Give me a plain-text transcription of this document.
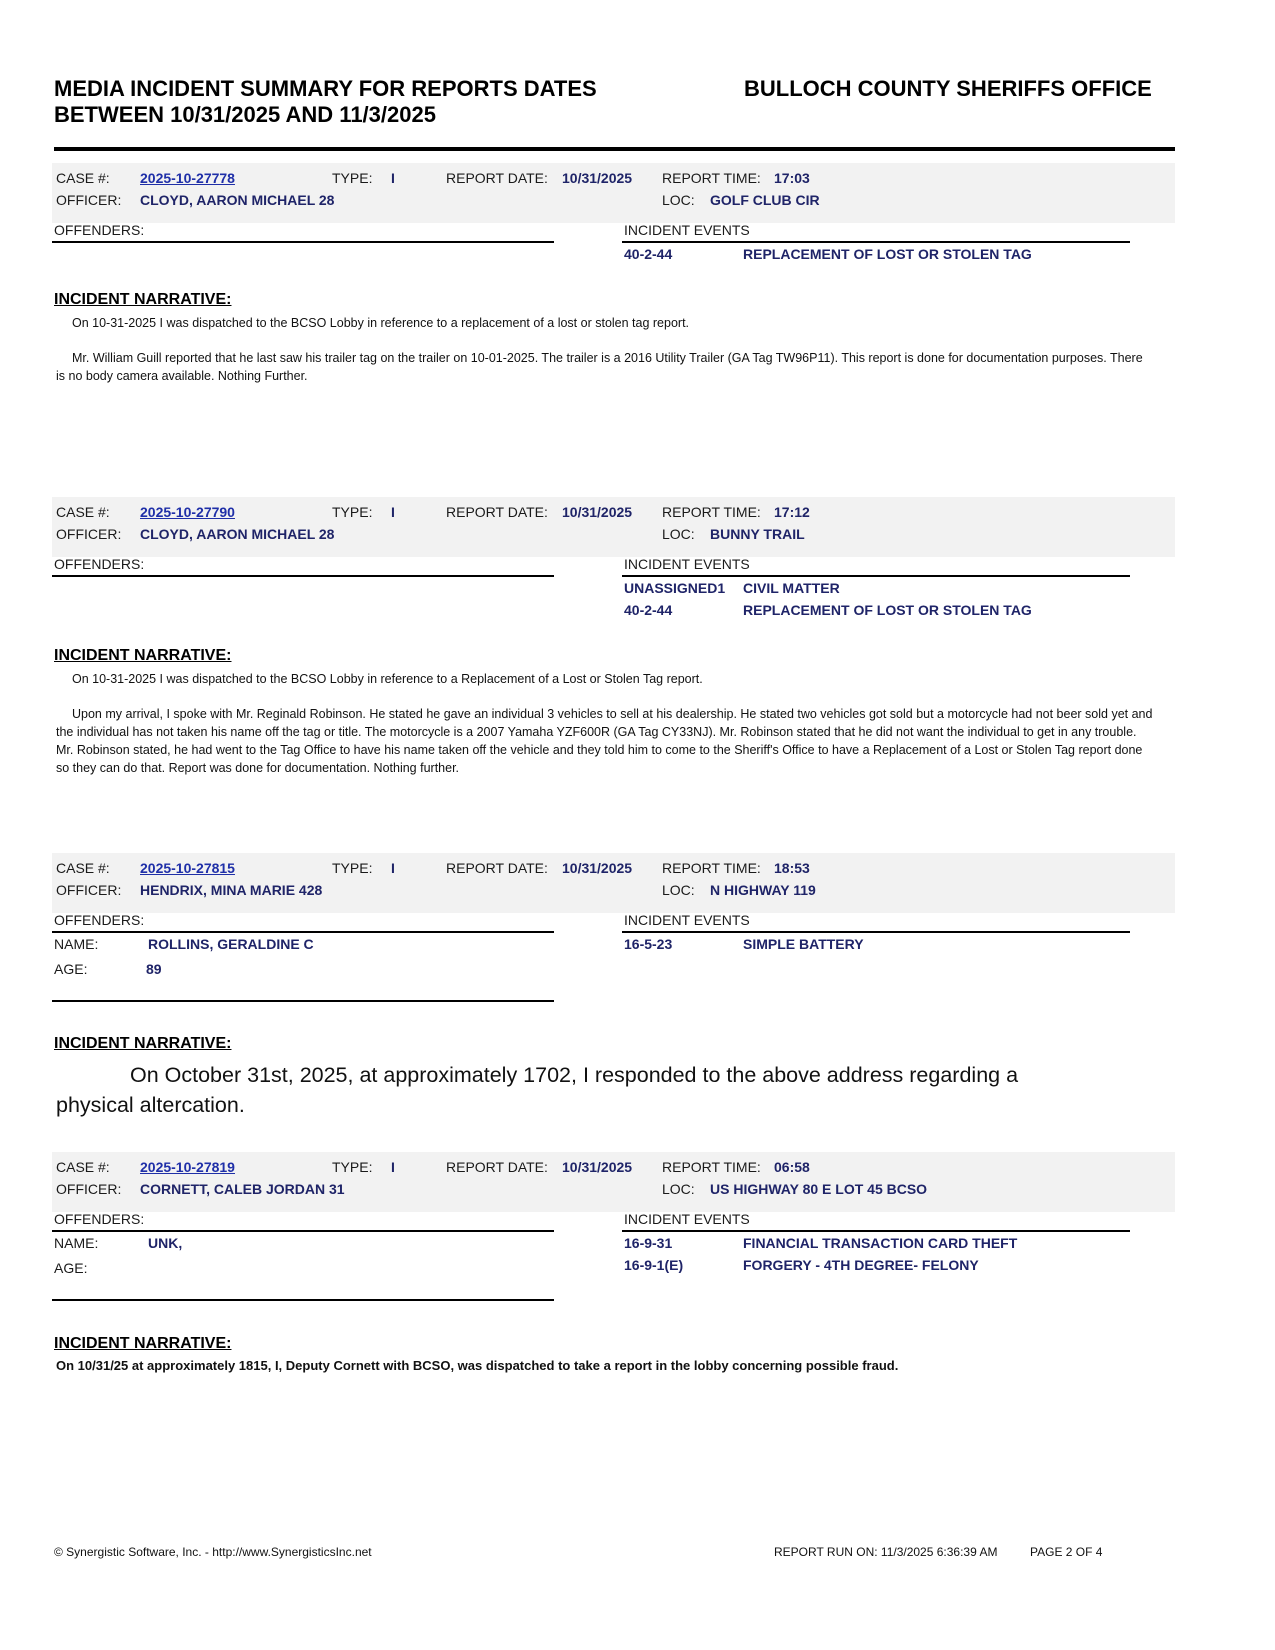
MEDIA INCIDENT SUMMARY FOR REPORTS DATES
BETWEEN 10/31/2025 AND 11/3/2025
BULLOCH COUNTY SHERIFFS OFFICE
CASE #: 2025-10-27778	TYPE: I	REPORT DATE: 10/31/2025 REPORT TIME: 17:03
OFFICER: CLOYD, AARON MICHAEL 28	LOC: GOLF CLUB CIR
OFFENDERS:	INCIDENT EVENTS
40-2-44	REPLACEMENT OF LOST OR STOLEN TAG
INCIDENT NARRATIVE:

On 10-31-2025 I was dispatched to the BCSO Lobby in reference to a replacement of a lost or stolen tag report.

Mr. William Guill reported that he last saw his trailer tag on the trailer on 10-01-2025. The trailer is a 2016 Utility Trailer (GA Tag TW96P11). This report is done for documentation purposes. There is no body camera available. Nothing Further.

CASE #: 2025-10-27790	TYPE: I	REPORT DATE: 10/31/2025 REPORT TIME: 17:12
OFFICER: CLOYD, AARON MICHAEL 28	LOC: BUNNY TRAIL
OFFENDERS:	INCIDENT EVENTS
UNASSIGNED1 CIVIL MATTER
40-2-44	REPLACEMENT OF LOST OR STOLEN TAG
INCIDENT NARRATIVE:

On 10-31-2025 I was dispatched to the BCSO Lobby in reference to a Replacement of a Lost or Stolen Tag report.

Upon my arrival, I spoke with Mr. Reginald Robinson. He stated he gave an individual 3 vehicles to sell at his dealership. He stated two vehicles got sold but a motorcycle had not beer sold yet and the individual has not taken his name off the tag or title. The motorcycle is a 2007 Yamaha YZF600R (GA Tag CY33NJ). Mr. Robinson stated that he did not want the individual to get in any trouble. Mr. Robinson stated, he had went to the Tag Office to have his name taken off the vehicle and they told him to come to the Sheriff's Office to have a Replacement of a Lost or Stolen Tag report done so they can do that. Report was done for documentation. Nothing further.

CASE #: 2025-10-27815	TYPE: I	REPORT DATE: 10/31/2025 REPORT TIME: 18:53
OFFICER: HENDRIX, MINA MARIE 428	LOC: N HIGHWAY 119
OFFENDERS:
NAME:	ROLLINS, GERALDINE C
AGE:	89
INCIDENT EVENTS
16-5-23	SIMPLE BATTERY
INCIDENT NARRATIVE:

On October 31st, 2025, at approximately 1702, I responded to the above address regarding a physical altercation.

CASE #: 2025-10-27819	TYPE: I	REPORT DATE: 10/31/2025 REPORT TIME: 06:58
OFFICER: CORNETT, CALEB JORDAN 31	LOC: US HIGHWAY 80 E LOT 45 BCSO
OFFENDERS:
NAME:	UNK,
AGE:
INCIDENT EVENTS
16-9-31	FINANCIAL TRANSACTION CARD THEFT
16-9-1(E)	FORGERY - 4TH DEGREE- FELONY
INCIDENT NARRATIVE:

On 10/31/25 at approximately 1815, I, Deputy Cornett with BCSO, was dispatched to take a report in the lobby concerning possible fraud.

© Synergistic Software, Inc. - http://www.SynergisticsInc.net	REPORT RUN ON: 11/3/2025 6:36:39 AM	PAGE 2 OF 4
